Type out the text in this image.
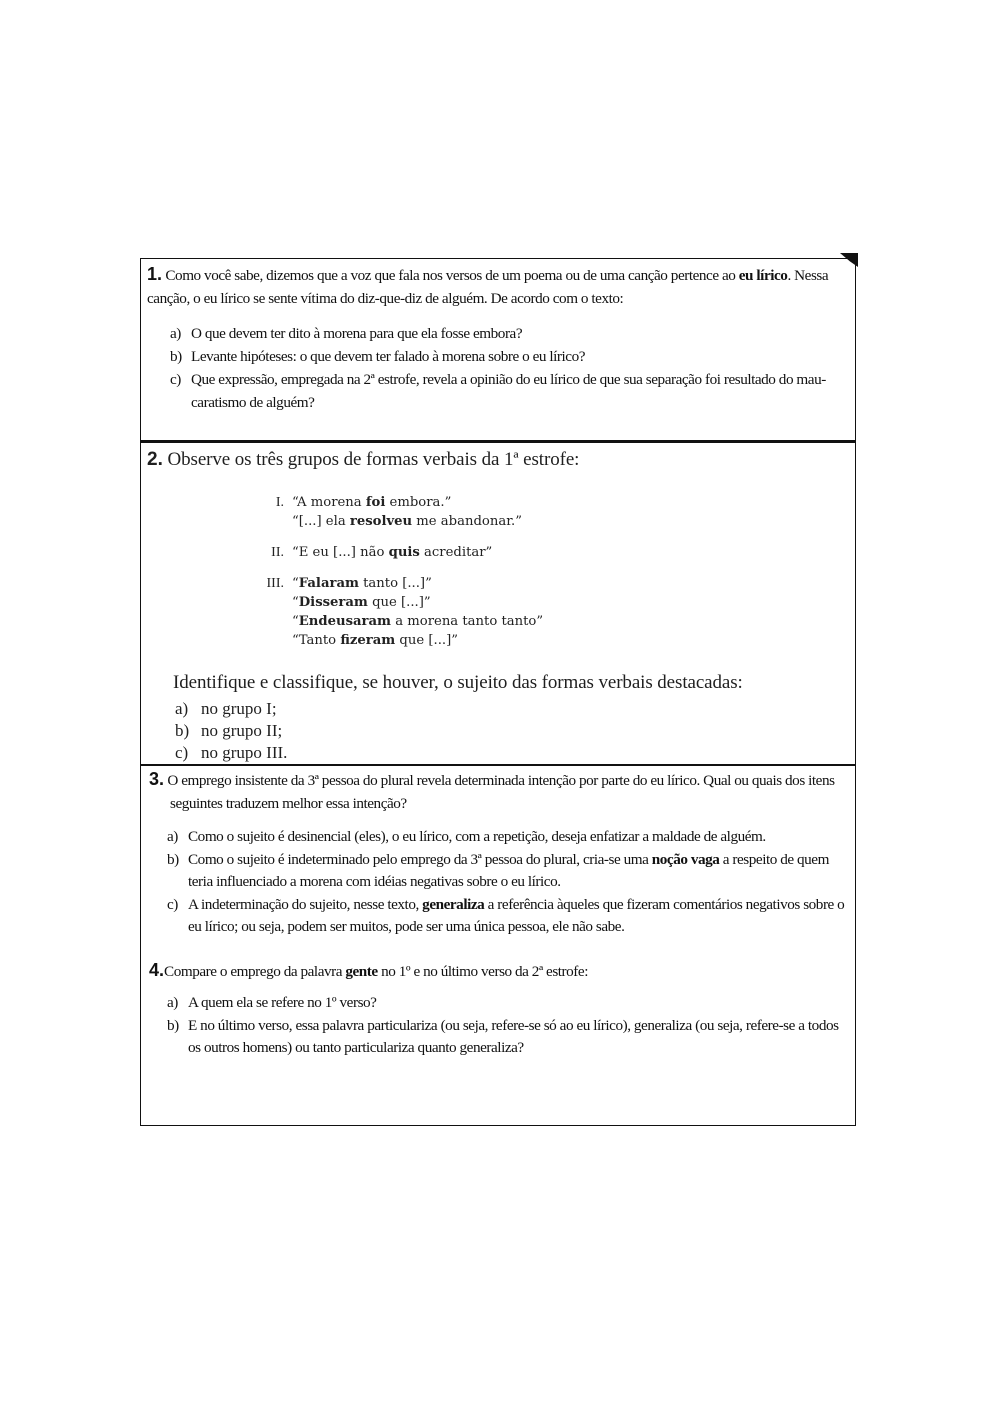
1. Como você sabe, dizemos que a voz que fala nos versos de um poema ou de uma canção pertence ao eu lírico. Nessa canção, o eu lírico se sente vítima do diz-que-diz de alguém. De acordo com o texto:

a) O que devem ter dito à morena para que ela fosse embora?
b) Levante hipóteses: o que devem ter falado à morena sobre o eu lírico?
c) Que expressão, empregada na 2ª estrofe, revela a opinião do eu lírico de que sua separação foi resultado do mau-caratismo de alguém?
2. Observe os três grupos de formas verbais da 1ª estrofe:
I. “A morena foi embora.”
“[...] ela resolveu me abandonar.”
II. “E eu [...] não quis acreditar”
III. “Falaram tanto [...]”
“Disseram que [...]”
“Endeusaram a morena tanto tanto”
“Tanto fizeram que [...]”
Identifique e classifique, se houver, o sujeito das formas verbais destacadas:
a) no grupo I;
b) no grupo II;
c) no grupo III.

3. O emprego insistente da 3ª pessoa do plural revela determinada intenção por parte do eu lírico. Qual ou quais dos itens seguintes traduzem melhor essa intenção?

a) Como o sujeito é desinencial (eles), o eu lírico, com a repetição, deseja enfatizar a maldade de alguém.
b) Como o sujeito é indeterminado pelo emprego da 3ª pessoa do plural, cria-se uma noção vaga a respeito de quem teria influenciado a morena com idéias negativas sobre o eu lírico.
c) A indeterminação do sujeito, nesse texto, generaliza a referência àqueles que fizeram comentários negativos sobre o eu lírico; ou seja, podem ser muitos, pode ser uma única pessoa, ele não sabe.

4.Compare o emprego da palavra gente no 1º e no último verso da 2ª estrofe:

a) A quem ela se refere no 1º verso?
b) E no último verso, essa palavra particulariza (ou seja, refere-se só ao eu lírico), generaliza (ou seja, refere-se a todos os outros homens) ou tanto particulariza quanto generaliza?
